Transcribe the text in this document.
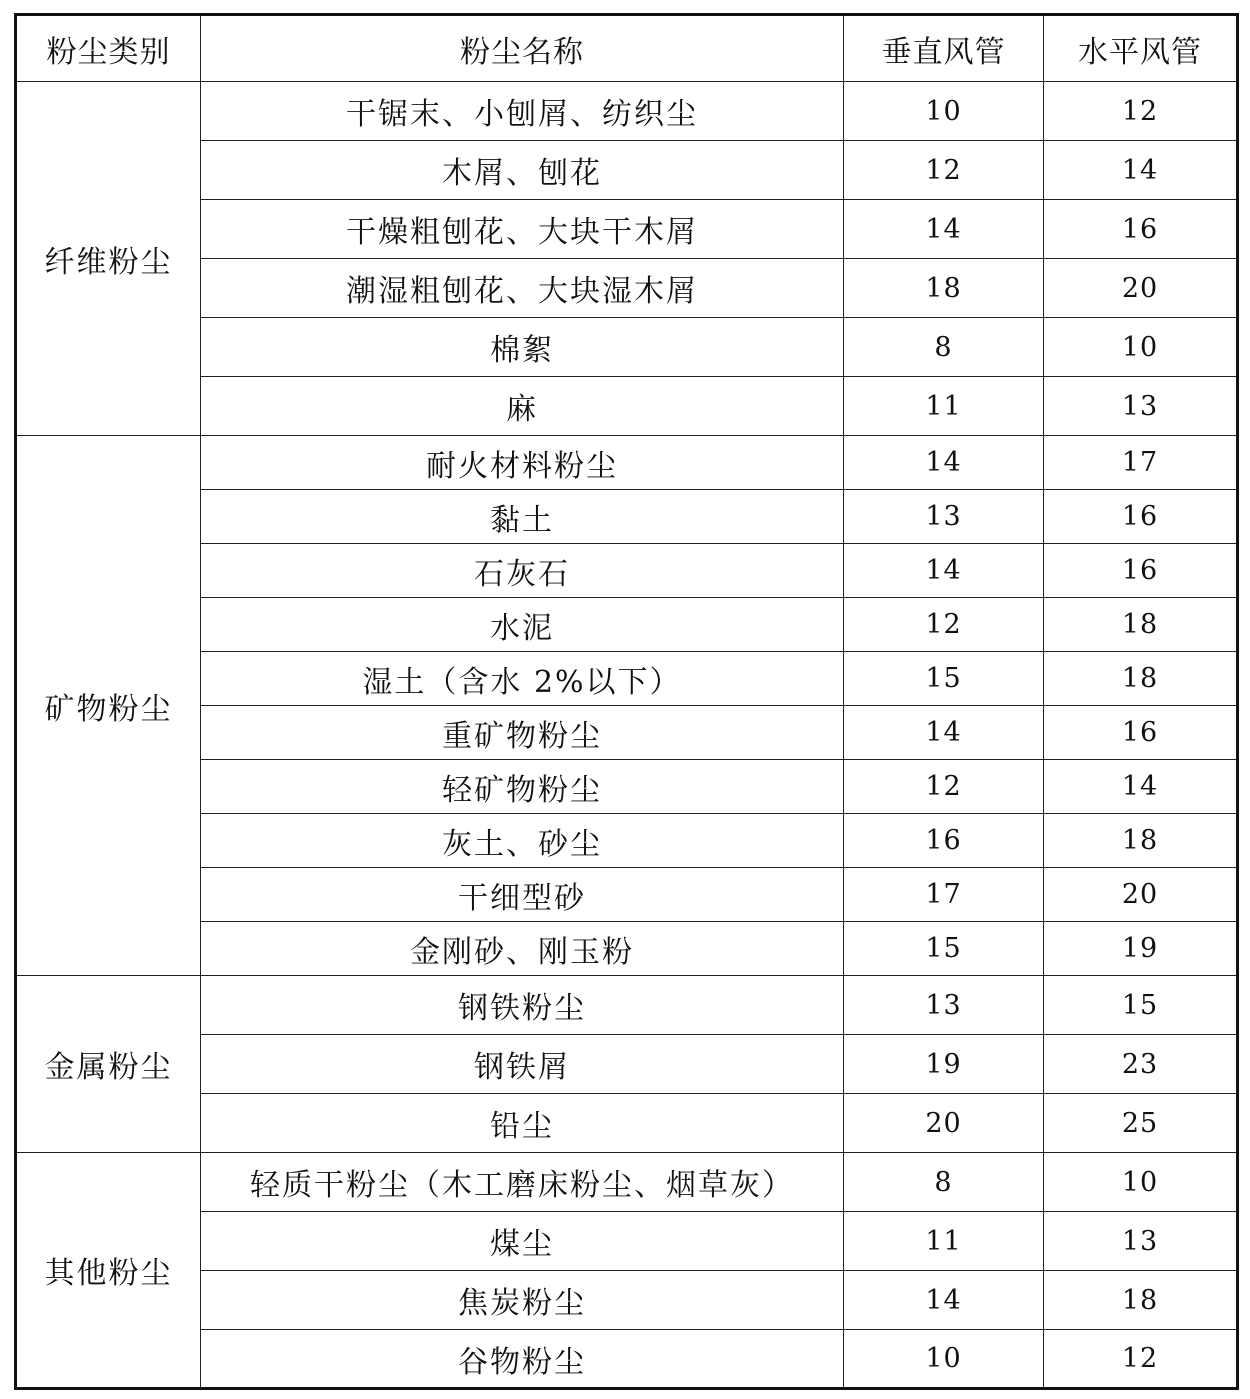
粉尘类别	粉尘名称	垂直风管	水平风管
纤维粉尘	干锯末、小刨屑、纺织尘	10	12
	木屑、刨花	12	14
	干燥粗刨花、大块干木屑	14	16
	潮湿粗刨花、大块湿木屑	18	20
	棉絮	8	10
	麻	11	13
矿物粉尘	耐火材料粉尘	14	17
	黏土	13	16
	石灰石	14	16
	水泥	12	18
	湿土（含水 2%以下）	15	18
	重矿物粉尘	14	16
	轻矿物粉尘	12	14
	灰土、砂尘	16	18
	干细型砂	17	20
	金刚砂、刚玉粉	15	19
金属粉尘	钢铁粉尘	13	15
	钢铁屑	19	23
	铅尘	20	25
其他粉尘	轻质干粉尘（木工磨床粉尘、烟草灰）	8	10
	煤尘	11	13
	焦炭粉尘	14	18
	谷物粉尘	10	12
